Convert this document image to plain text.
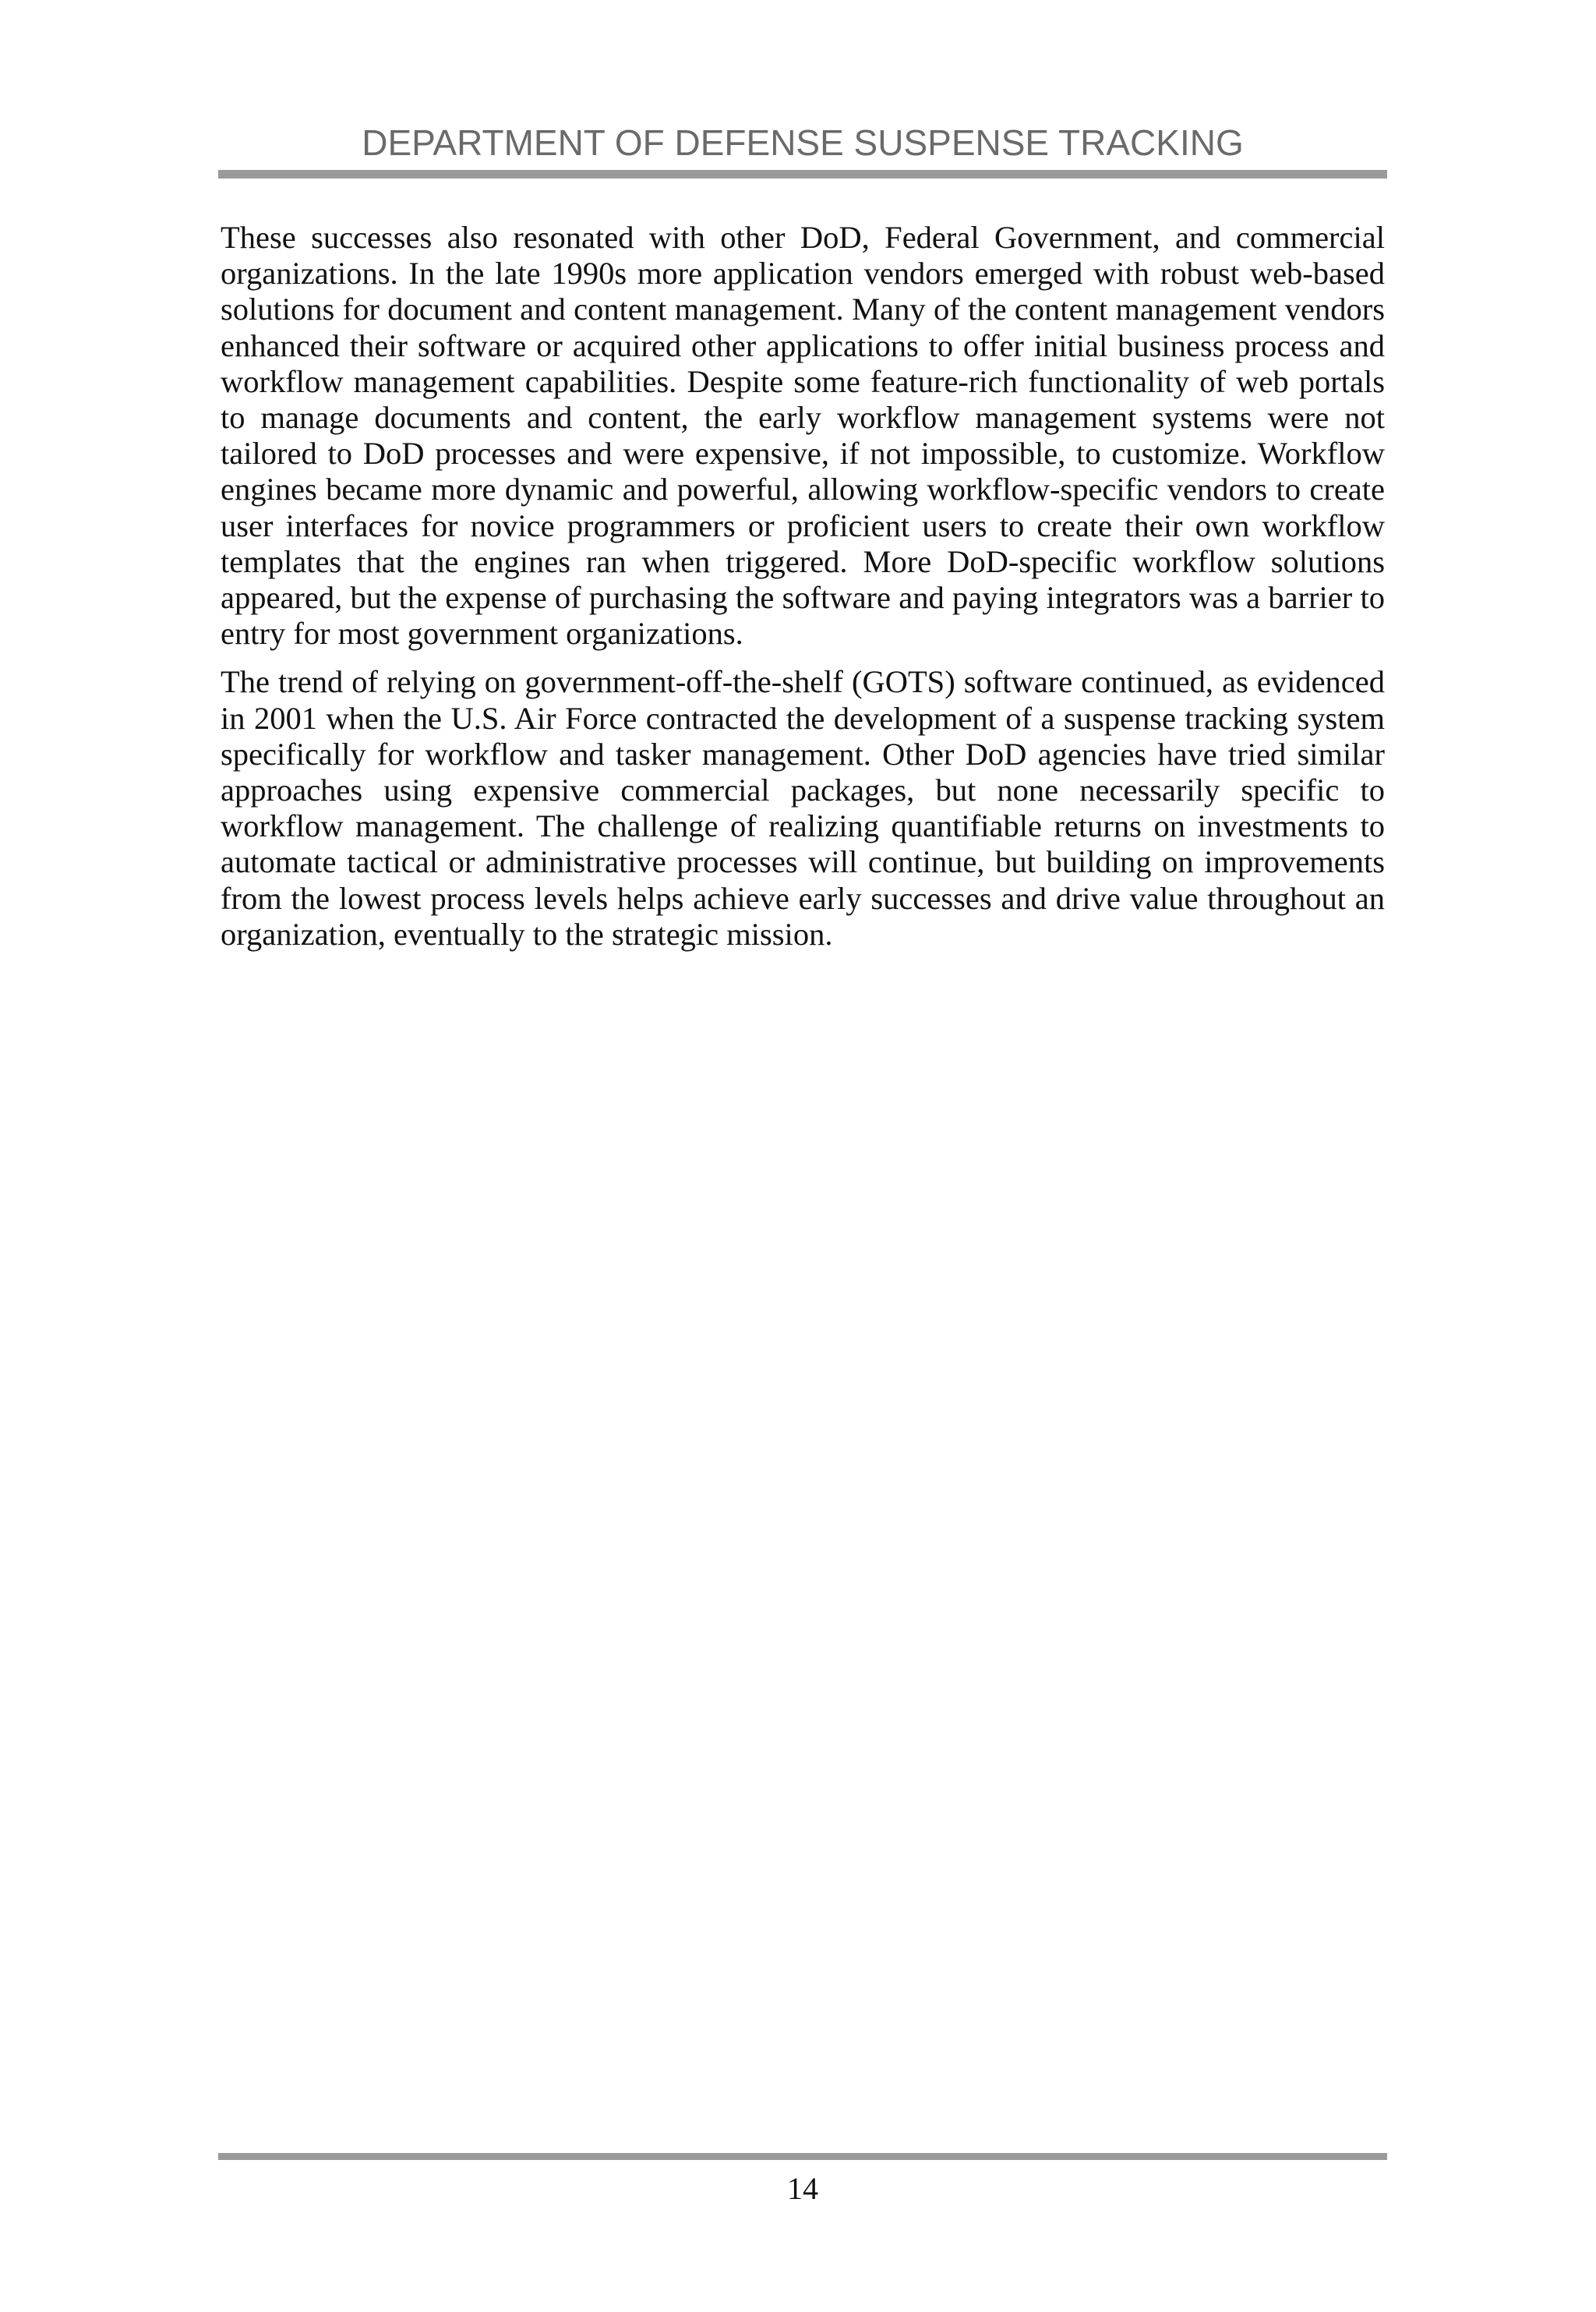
DEPARTMENT OF DEFENSE SUSPENSE TRACKING

These successes also resonated with other DoD, Federal Government, and commercial organizations. In the late 1990s more application vendors emerged with robust web-based solutions for document and content management. Many of the content management vendors enhanced their software or acquired other applications to offer initial business process and workflow management capabilities. Despite some feature-rich functionality of web portals to manage documents and content, the early workflow management systems were not tailored to DoD processes and were expensive, if not impossible, to customize. Workflow engines became more dynamic and powerful, allowing workflow-specific vendors to create user interfaces for novice programmers or proficient users to create their own workflow templates that the engines ran when triggered. More DoD-specific workflow solutions appeared, but the expense of purchasing the software and paying integrators was a barrier to entry for most government organizations.

The trend of relying on government-off-the-shelf (GOTS) software continued, as evidenced in 2001 when the U.S. Air Force contracted the development of a suspense tracking system specifically for workflow and tasker management. Other DoD agencies have tried similar approaches using expensive commercial packages, but none necessarily specific to workflow management. The challenge of realizing quantifiable returns on investments to automate tactical or administrative processes will continue, but building on improvements from the lowest process levels helps achieve early successes and drive value throughout an organization, eventually to the strategic mission.

14
